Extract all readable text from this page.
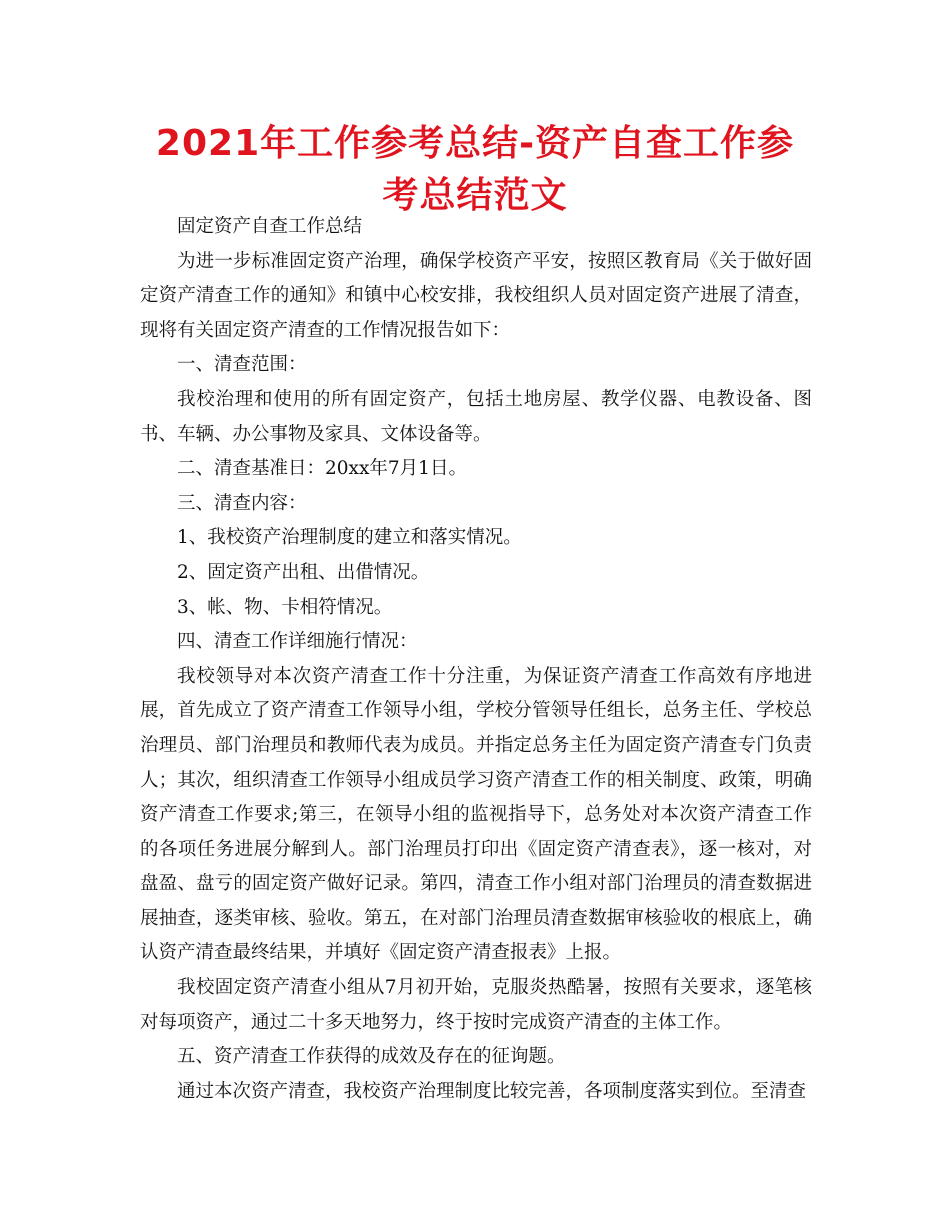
2021年工作参考总结-资产自查工作参考总结范文

固定资产自查工作总结

为进一步标准固定资产治理，确保学校资产平安，按照区教育局《关于做好固定资产清查工作的通知》和镇中心校安排，我校组织人员对固定资产进展了清查，现将有关固定资产清查的工作情况报告如下：

一、清查范围：

我校治理和使用的所有固定资产，包括土地房屋、教学仪器、电教设备、图书、车辆、办公事物及家具、文体设备等。

二、清查基准日：20xx年7月1日。

三、清查内容：

1、我校资产治理制度的建立和落实情况。

2、固定资产出租、出借情况。

3、帐、物、卡相符情况。

四、清查工作详细施行情况：

我校领导对本次资产清查工作十分注重，为保证资产清查工作高效有序地进展，首先成立了资产清查工作领导小组，学校分管领导任组长，总务主任、学校总治理员、部门治理员和教师代表为成员。并指定总务主任为固定资产清查专门负责人；其次，组织清查工作领导小组成员学习资产清查工作的相关制度、政策，明确资产清查工作要求;第三，在领导小组的监视指导下，总务处对本次资产清查工作的各项任务进展分解到人。部门治理员打印出《固定资产清查表》，逐一核对，对盘盈、盘亏的固定资产做好记录。第四，清查工作小组对部门治理员的清查数据进展抽查，逐类审核、验收。第五，在对部门治理员清查数据审核验收的根底上，确认资产清查最终结果，并填好《固定资产清查报表》上报。

我校固定资产清查小组从7月初开始，克服炎热酷暑，按照有关要求，逐笔核对每项资产，通过二十多天地努力，终于按时完成资产清查的主体工作。

五、资产清查工作获得的成效及存在的征询题。

通过本次资产清查，我校资产治理制度比较完善，各项制度落实到位。至清查
